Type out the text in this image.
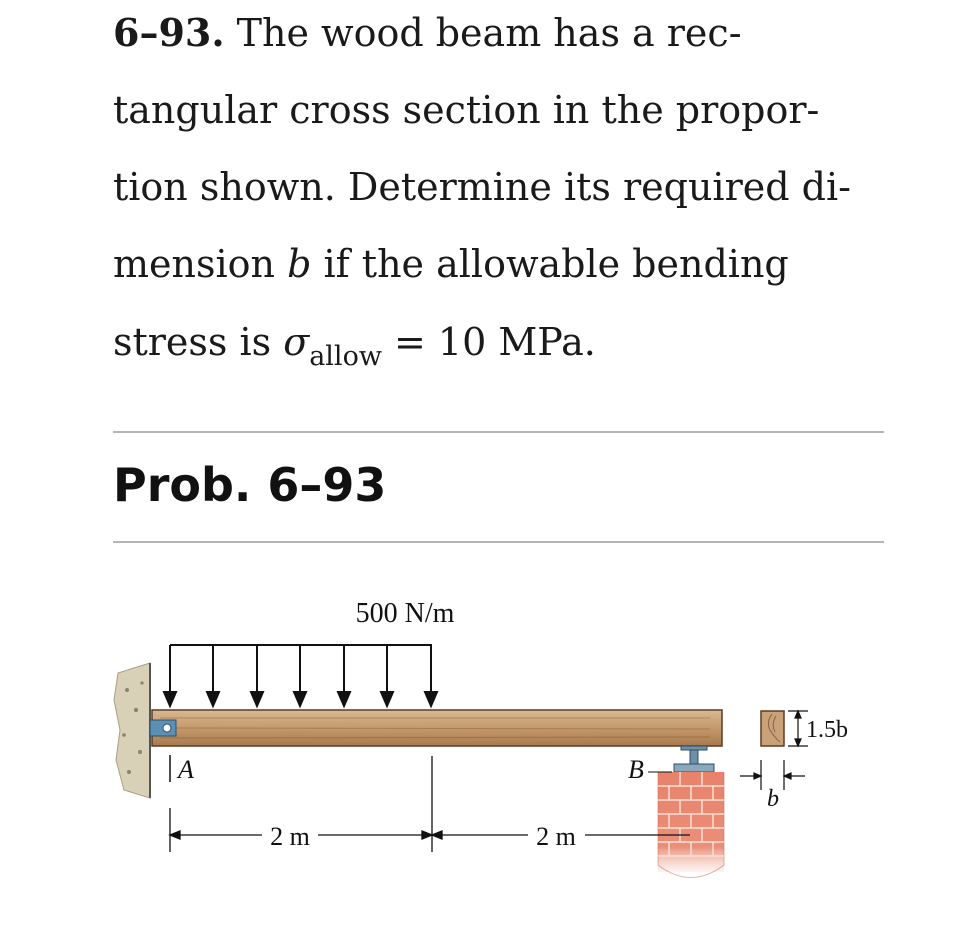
6–93. The wood beam has a rec-
tangular cross section in the propor-
tion shown. Determine its required di-
mension b if the allowable bending
stress is $\sigma_{allow} = 10$ MPa.
Prob. 6–93
500 N/m
A	B
2 m	2 m
1.5b
b
